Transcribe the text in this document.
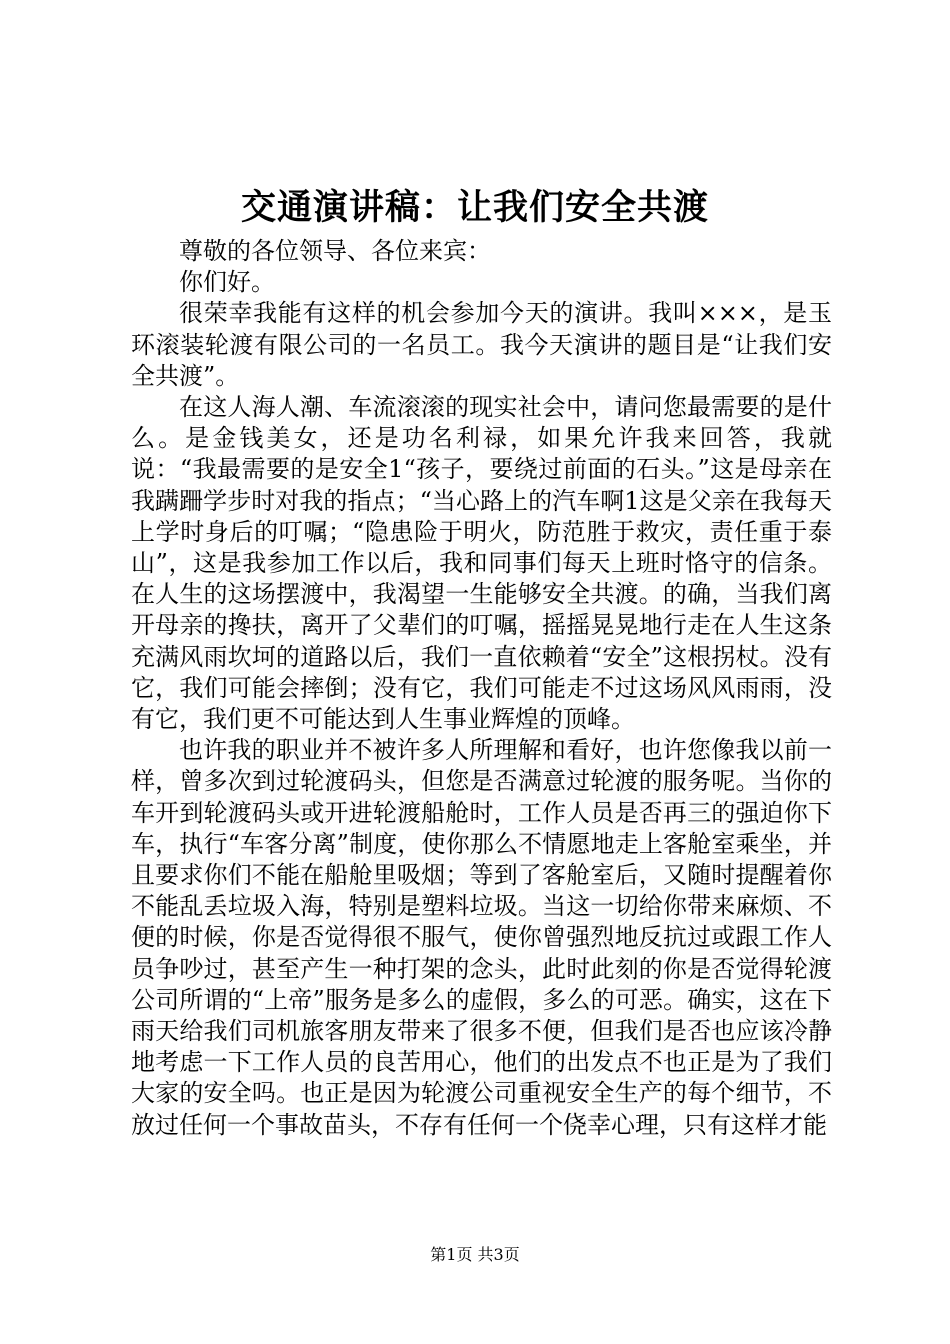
交通演讲稿：让我们安全共渡

尊敬的各位领导、各位来宾：

你们好。

很荣幸我能有这样的机会参加今天的演讲。我叫×××，是玉环滚装轮渡有限公司的一名员工。我今天演讲的题目是“让我们安全共渡”。

在这人海人潮、车流滚滚的现实社会中，请问您最需要的是什么。是金钱美女，还是功名利禄，如果允许我来回答，我就说：“我最需要的是安全1“孩子，要绕过前面的石头。”这是母亲在我蹒跚学步时对我的指点；“当心路上的汽车啊1这是父亲在我每天上学时身后的叮嘱；“隐患险于明火，防范胜于救灾，责任重于泰山”，这是我参加工作以后，我和同事们每天上班时恪守的信条。在人生的这场摆渡中，我渴望一生能够安全共渡。的确，当我们离开母亲的搀扶，离开了父辈们的叮嘱，摇摇晃晃地行走在人生这条充满风雨坎坷的道路以后，我们一直依赖着“安全”这根拐杖。没有它，我们可能会摔倒；没有它，我们可能走不过这场风风雨雨，没有它，我们更不可能达到人生事业辉煌的顶峰。

也许我的职业并不被许多人所理解和看好，也许您像我以前一样，曾多次到过轮渡码头，但您是否满意过轮渡的服务呢。当你的车开到轮渡码头或开进轮渡船舱时，工作人员是否再三的强迫你下车，执行“车客分离”制度，使你那么不情愿地走上客舱室乘坐，并且要求你们不能在船舱里吸烟；等到了客舱室后，又随时提醒着你不能乱丢垃圾入海，特别是塑料垃圾。当这一切给你带来麻烦、不便的时候，你是否觉得很不服气，使你曾强烈地反抗过或跟工作人员争吵过，甚至产生一种打架的念头，此时此刻的你是否觉得轮渡公司所谓的“上帝”服务是多么的虚假，多么的可恶。确实，这在下雨天给我们司机旅客朋友带来了很多不便，但我们是否也应该冷静地考虑一下工作人员的良苦用心，他们的出发点不也正是为了我们大家的安全吗。也正是因为轮渡公司重视安全生产的每个细节，不放过任何一个事故苗头，不存有任何一个侥幸心理，只有这样才能

第1页 共3页
